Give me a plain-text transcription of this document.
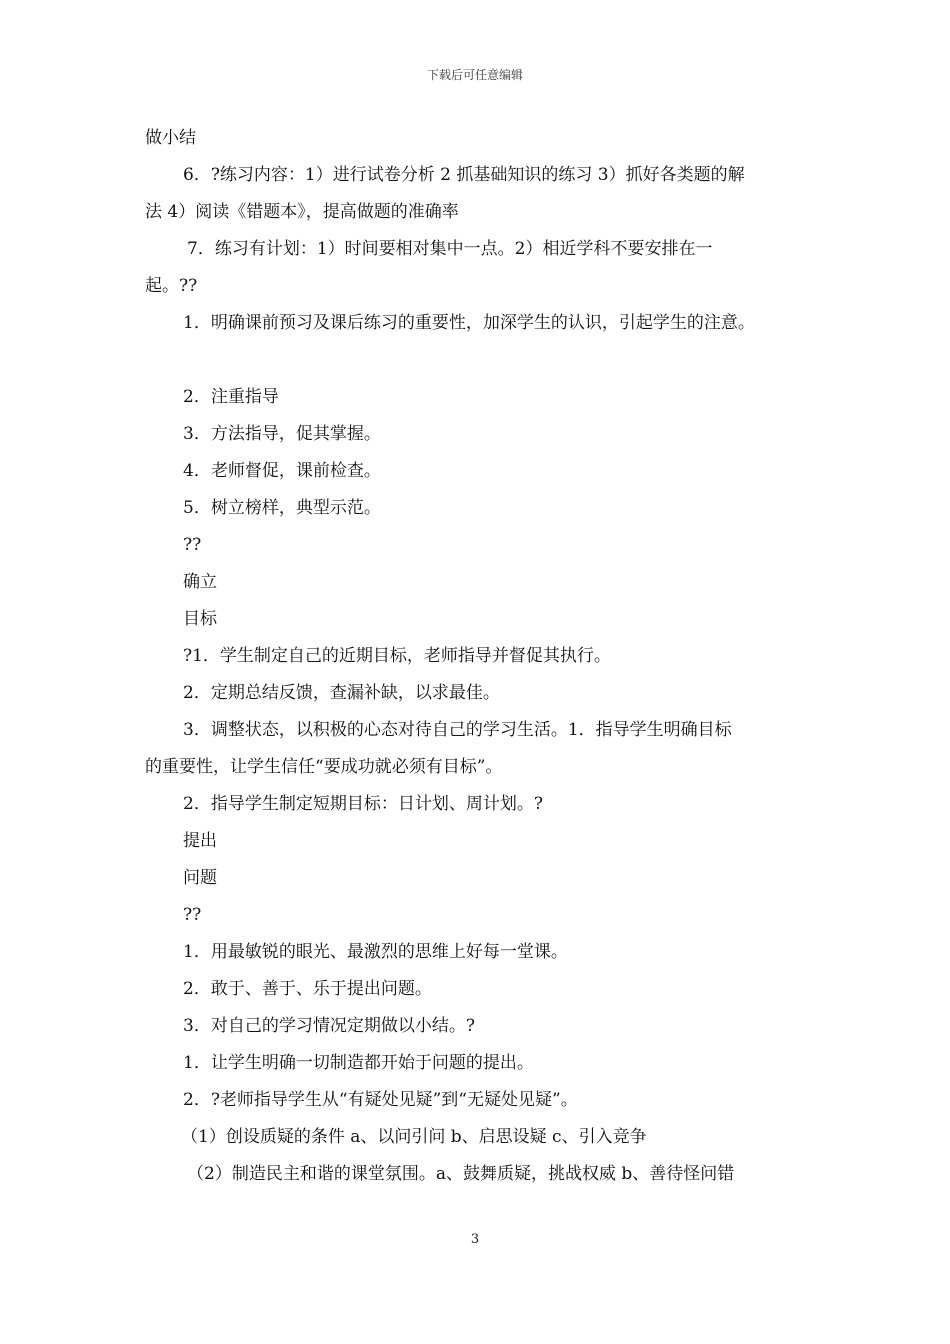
下载后可任意编辑
做小结
6．?练习内容：1）进行试卷分析 2 抓基础知识的练习 3）抓好各类题的解
法 4）阅读《错题本》，提高做题的准确率
7．练习有计划：1）时间要相对集中一点。2）相近学科不要安排在一
起。??
1．明确课前预习及课后练习的重要性，加深学生的认识，引起学生的注意。
2．注重指导
3．方法指导，促其掌握。
4．老师督促，课前检查。
5．树立榜样，典型示范。
??
确立
目标
?1．学生制定自己的近期目标，老师指导并督促其执行。
2．定期总结反馈，查漏补缺，以求最佳。
3．调整状态，以积极的心态对待自己的学习生活。1．指导学生明确目标
的重要性，让学生信任“要成功就必须有目标”。
2．指导学生制定短期目标：日计划、周计划。?
提出
问题
??
1．用最敏锐的眼光、最激烈的思维上好每一堂课。
2．敢于、善于、乐于提出问题。
3．对自己的学习情况定期做以小结。?
1．让学生明确一切制造都开始于问题的提出。
2．?老师指导学生从“有疑处见疑”到“无疑处见疑”。
（1）创设质疑的条件 a、以问引问 b、启思设疑 c、引入竞争
（2）制造民主和谐的课堂氛围。a、鼓舞质疑，挑战权威 b、善待怪问错
3
